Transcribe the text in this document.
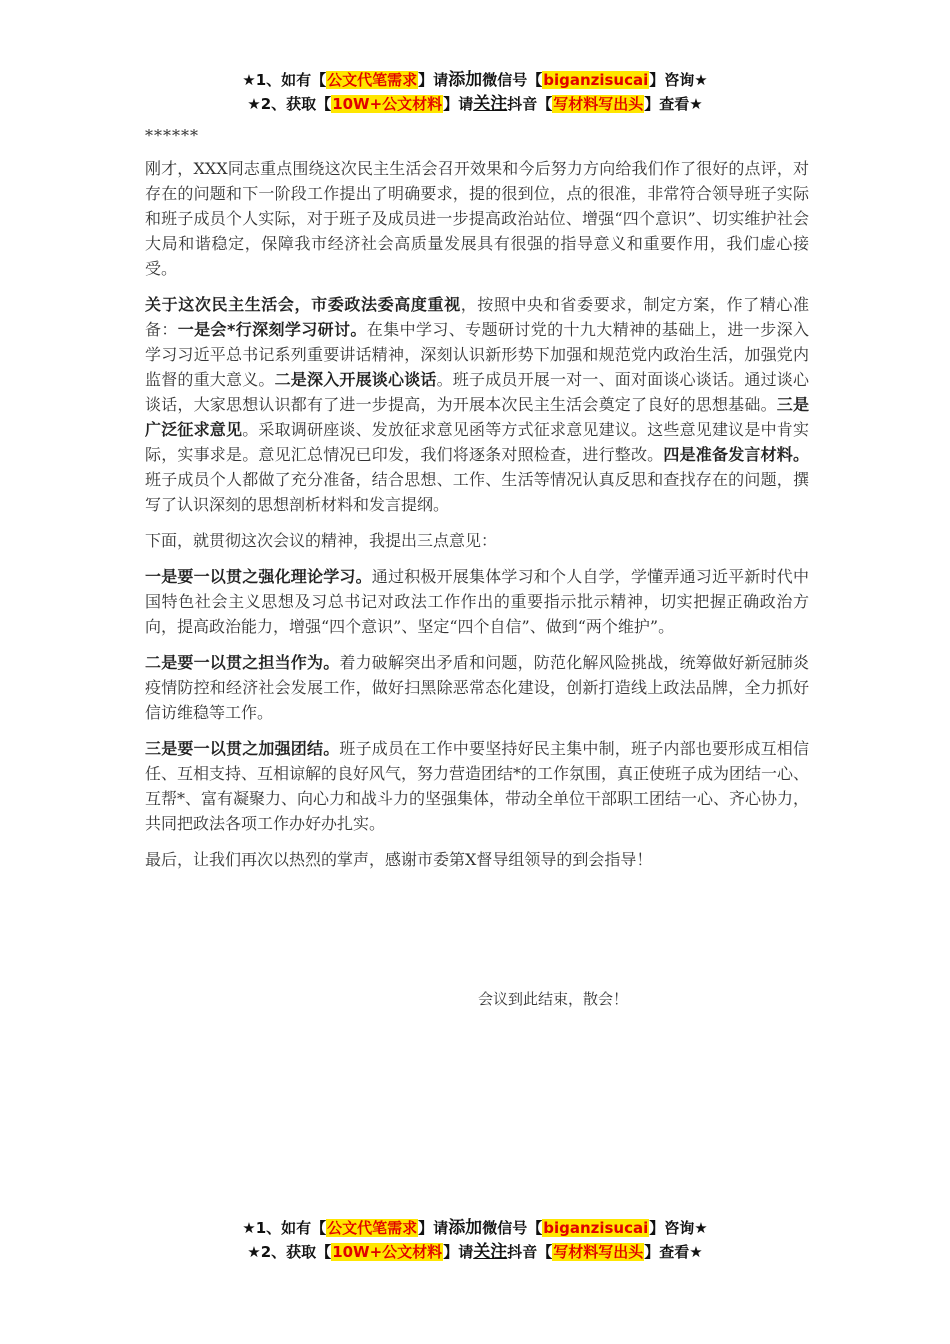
★1、如有【公文代笔需求】请添加微信号【biganzisucai】咨询★
★2、获取【10W+公文材料】请关注抖音【写材料写出头】查看★
******

刚才，XXX同志重点围绕这次民主生活会召开效果和今后努力方向给我们作了很好的点评，对存在的问题和下一阶段工作提出了明确要求，提的很到位，点的很准，非常符合领导班子实际和班子成员个人实际，对于班子及成员进一步提高政治站位、增强“四个意识”、切实维护社会大局和谐稳定，保障我市经济社会高质量发展具有很强的指导意义和重要作用，我们虚心接受。

关于这次民主生活会，市委政法委高度重视，按照中央和省委要求，制定方案，作了精心准备：一是会*行深刻学习研讨。在集中学习、专题研讨党的十九大精神的基础上，进一步深入学习习近平总书记系列重要讲话精神，深刻认识新形势下加强和规范党内政治生活，加强党内监督的重大意义。二是深入开展谈心谈话。班子成员开展一对一、面对面谈心谈话。通过谈心谈话，大家思想认识都有了进一步提高，为开展本次民主生活会奠定了良好的思想基础。三是广泛征求意见。采取调研座谈、发放征求意见函等方式征求意见建议。这些意见建议是中肯实际，实事求是。意见汇总情况已印发，我们将逐条对照检查，进行整改。四是准备发言材料。班子成员个人都做了充分准备，结合思想、工作、生活等情况认真反思和查找存在的问题，撰写了认识深刻的思想剖析材料和发言提纲。

下面，就贯彻这次会议的精神，我提出三点意见：

一是要一以贯之强化理论学习。通过积极开展集体学习和个人自学，学懂弄通习近平新时代中国特色社会主义思想及习总书记对政法工作作出的重要指示批示精神，切实把握正确政治方向，提高政治能力，增强“四个意识”、坚定“四个自信”、做到“两个维护”。

二是要一以贯之担当作为。着力破解突出矛盾和问题，防范化解风险挑战，统筹做好新冠肺炎疫情防控和经济社会发展工作，做好扫黑除恶常态化建设，创新打造线上政法品牌，全力抓好信访维稳等工作。

三是要一以贯之加强团结。班子成员在工作中要坚持好民主集中制，班子内部也要形成互相信任、互相支持、互相谅解的良好风气，努力营造团结*的工作氛围，真正使班子成为团结一心、互帮*、富有凝聚力、向心力和战斗力的坚强集体，带动全单位干部职工团结一心、齐心协力，共同把政法各项工作办好办扎实。

最后，让我们再次以热烈的掌声，感谢市委第X督导组领导的到会指导！

会议到此结束，散会！
★1、如有【公文代笔需求】请添加微信号【biganzisucai】咨询★
★2、获取【10W+公文材料】请关注抖音【写材料写出头】查看★
